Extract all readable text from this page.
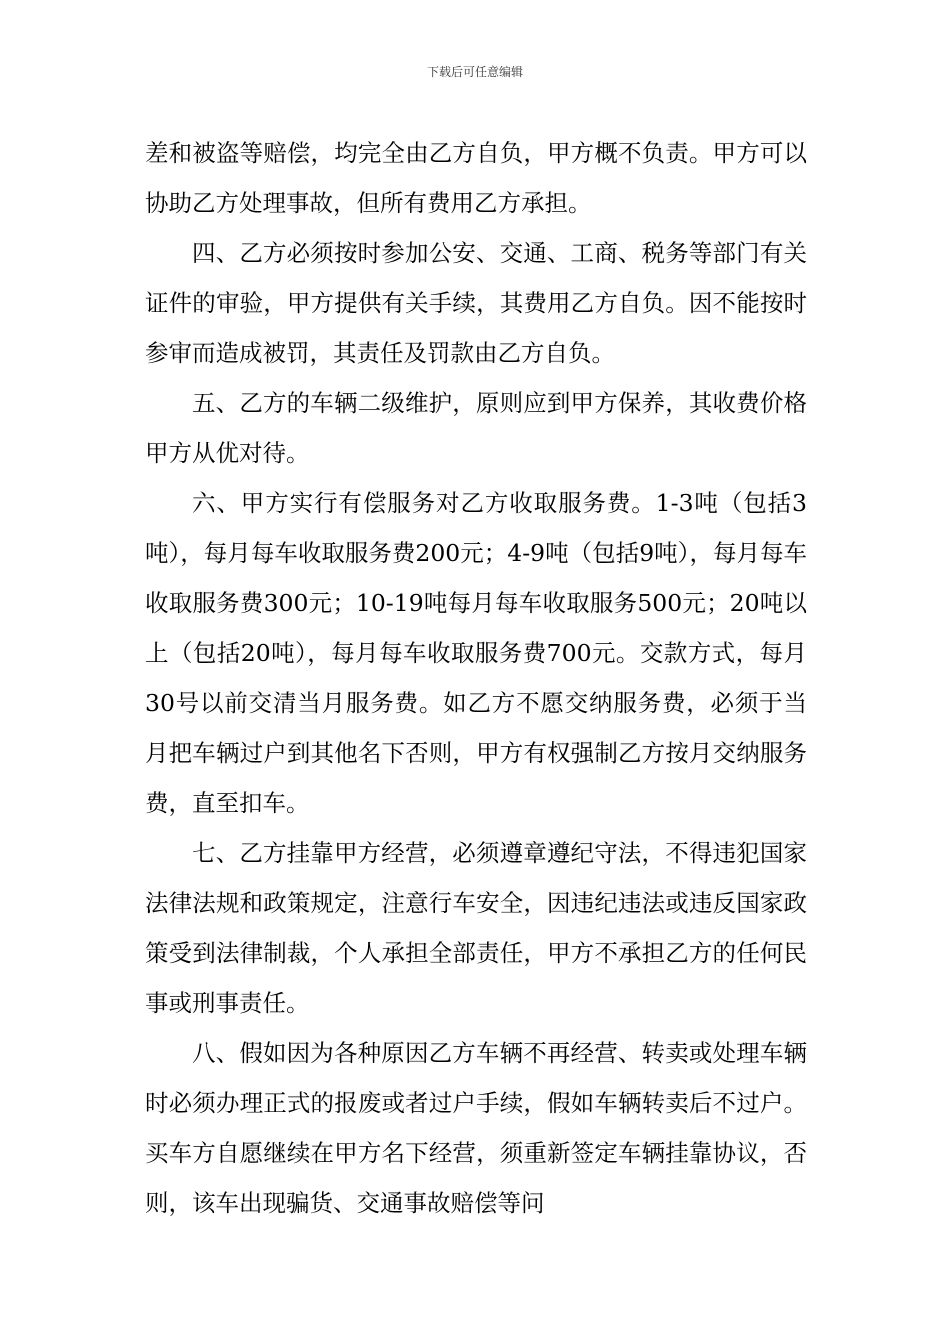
下载后可任意编辑

差和被盗等赔偿，均完全由乙方自负，甲方概不负责。甲方可以协助乙方处理事故，但所有费用乙方承担。

四、乙方必须按时参加公安、交通、工商、税务等部门有关证件的审验，甲方提供有关手续，其费用乙方自负。因不能按时参审而造成被罚，其责任及罚款由乙方自负。

五、乙方的车辆二级维护，原则应到甲方保养，其收费价格甲方从优对待。

六、甲方实行有偿服务对乙方收取服务费。1-3吨（包括3吨），每月每车收取服务费200元；4-9吨（包括9吨），每月每车收取服务费300元；10-19吨每月每车收取服务500元；20吨以上（包括20吨），每月每车收取服务费700元。交款方式，每月30号以前交清当月服务费。如乙方不愿交纳服务费，必须于当月把车辆过户到其他名下否则，甲方有权强制乙方按月交纳服务费，直至扣车。

七、乙方挂靠甲方经营，必须遵章遵纪守法，不得违犯国家法律法规和政策规定，注意行车安全，因违纪违法或违反国家政策受到法律制裁，个人承担全部责任，甲方不承担乙方的任何民事或刑事责任。

八、假如因为各种原因乙方车辆不再经营、转卖或处理车辆时必须办理正式的报废或者过户手续，假如车辆转卖后不过户。买车方自愿继续在甲方名下经营，须重新签定车辆挂靠协议，否则，该车出现骗货、交通事故赔偿等问
